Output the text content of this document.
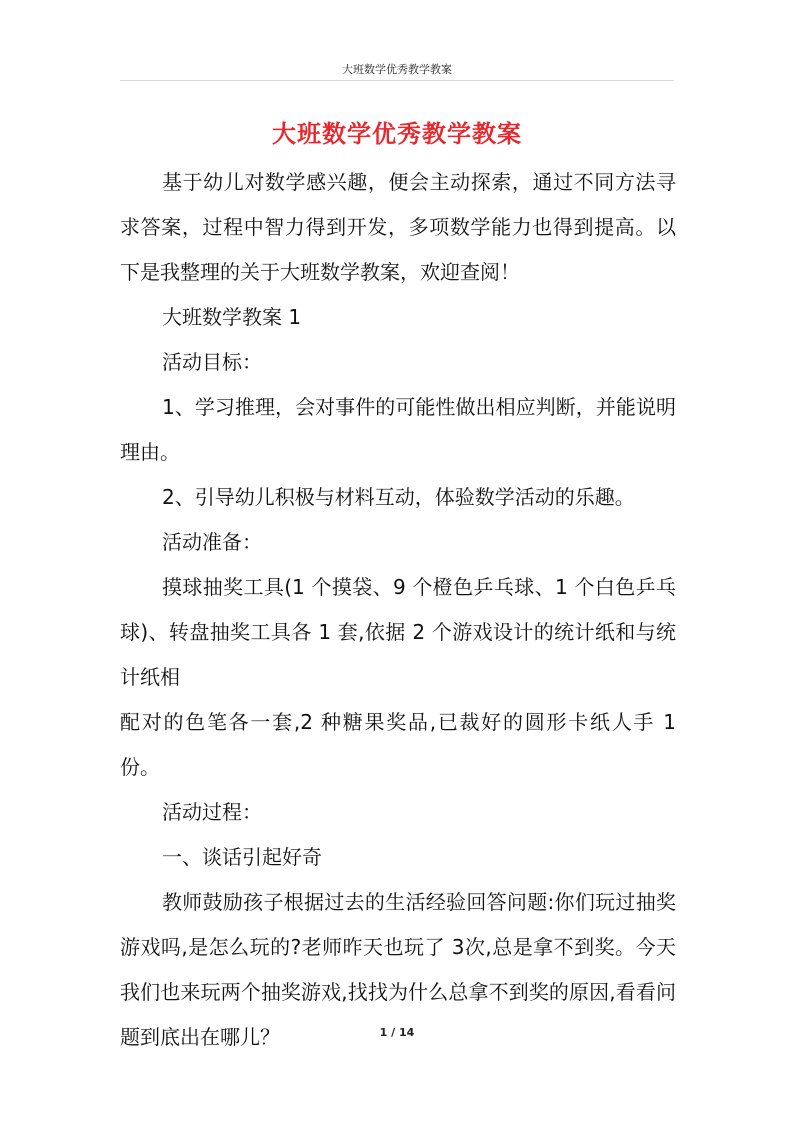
大班数学优秀教学教案
大班数学优秀教学教案

基于幼儿对数学感兴趣，便会主动探索，通过不同方法寻求答案，过程中智力得到开发，多项数学能力也得到提高。以下是我整理的关于大班数学教案，欢迎查阅！

大班数学教案 1

活动目标：

1、学习推理，会对事件的可能性做出相应判断，并能说明理由。

2、引导幼儿积极与材料互动，体验数学活动的乐趣。

活动准备：

摸球抽奖工具(1 个摸袋、9 个橙色乒乓球、1 个白色乒乓 球)、转盘抽奖工具各 1 套,依据 2 个游戏设计的统计纸和与统计纸相

配对的色笔各一套,2 种糖果奖品,已裁好的圆形卡纸人手 1 份。

活动过程：

一、谈话引起好奇

教师鼓励孩子根据过去的生活经验回答问题:你们玩过抽奖游戏吗,是怎么玩的?老师昨天也玩了 3次,总是拿不到奖。今天我们也来玩两个抽奖游戏,找找为什么总拿不到奖的原因,看看问题到底出在哪儿？	1 / 14
